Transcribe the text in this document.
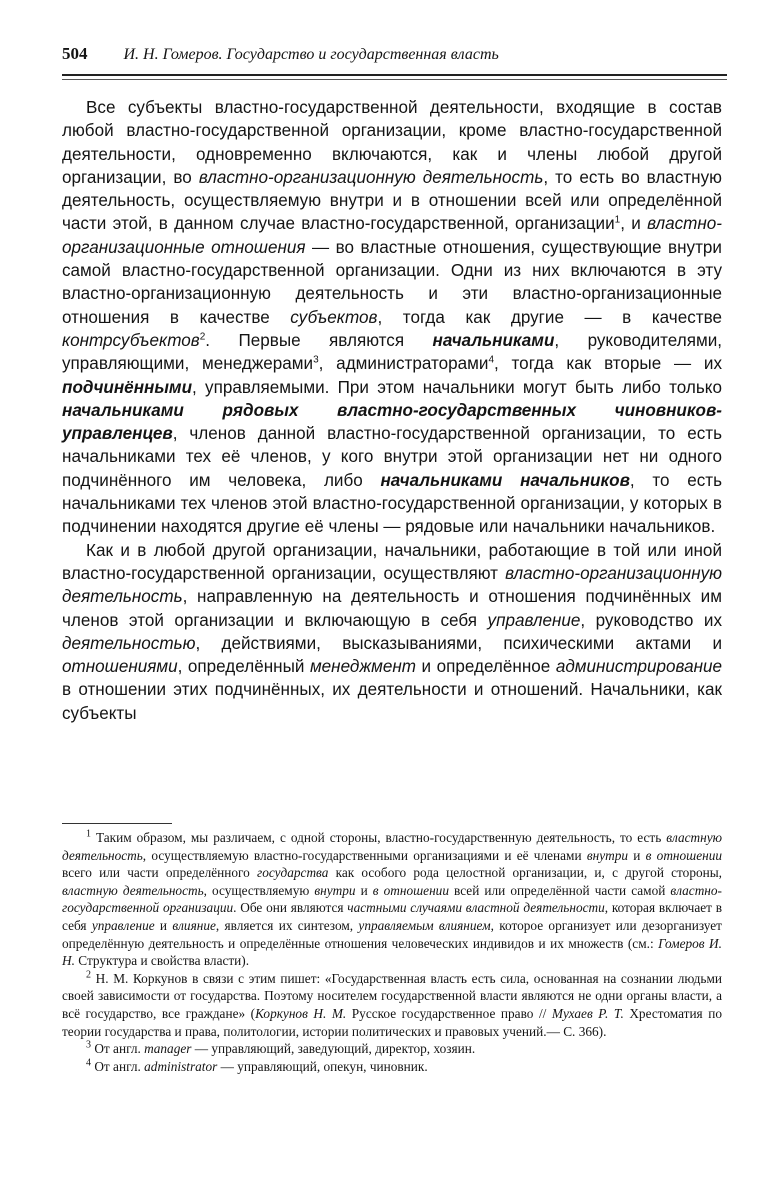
504 И. Н. Гомеров. Государство и государственная власть

Все субъекты властно-государственной деятельности, входящие в состав любой властно-государственной организации, кроме властно-государственной деятельности, одновременно включаются, как и члены любой другой организации, во властно-организационную деятельность, то есть во властную деятельность, осуществляемую внутри и в отношении всей или определённой части этой, в данном случае властно-государственной, организации$^1$, и властно-организационные отношения — во властные отношения, существующие внутри самой властно-государственной организации. Одни из них включаются в эту властно-организационную деятельность и эти властно-организационные отношения в качестве субъектов, тогда как другие — в качестве контрсубъектов$^2$. Первые являются начальниками, руководителями, управляющими, менеджерами$^3$, администраторами$^4$, тогда как вторые — их подчинёнными, управляемыми. При этом начальники могут быть либо только начальниками рядовых властно-государственных чиновников-управленцев, членов данной властно-государственной организации, то есть начальниками тех её членов, у кого внутри этой организации нет ни одного подчинённого им человека, либо начальниками начальников, то есть начальниками тех членов этой властно-государственной организации, у которых в подчинении находятся другие её члены — рядовые или начальники начальников.

Как и в любой другой организации, начальники, работающие в той или иной властно-государственной организации, осуществляют властно-организационную деятельность, направленную на деятельность и отношения подчинённых им членов этой организации и включающую в себя управление, руководство их деятельностью, действиями, высказываниями, психическими актами и отношениями, определённый менеджмент и определённое администрирование в отношении этих подчинённых, их деятельности и отношений. Начальники, как субъекты

$^1$ Таким образом, мы различаем, с одной стороны, властно-государственную деятельность, то есть властную деятельность, осуществляемую властно-государственными организациями и её членами внутри и в отношении всего или части определённого государства как особого рода целостной организации, и, с другой стороны, властную деятельность, осуществляемую внутри и в отношении всей или определённой части самой властно-государственной организации. Обе они являются частными случаями властной деятельности, которая включает в себя управление и влияние, является их синтезом, управляемым влиянием, которое организует или дезорганизует определённую деятельность и определённые отношения человеческих индивидов и их множеств (см.: Гомеров И. Н. Структура и свойства власти).

$^2$ Н. М. Коркунов в связи с этим пишет: «Государственная власть есть сила, основанная на сознании людьми своей зависимости от государства. Поэтому носителем государственной власти являются не одни органы власти, а всё государство, все граждане» (Коркунов Н. М. Русское государственное право // Мухаев Р. Т. Хрестоматия по теории государства и права, политологии, истории политических и правовых учений.— С. 366).

$^3$ От англ. manager — управляющий, заведующий, директор, хозяин.

$^4$ От англ. administrator — управляющий, опекун, чиновник.
